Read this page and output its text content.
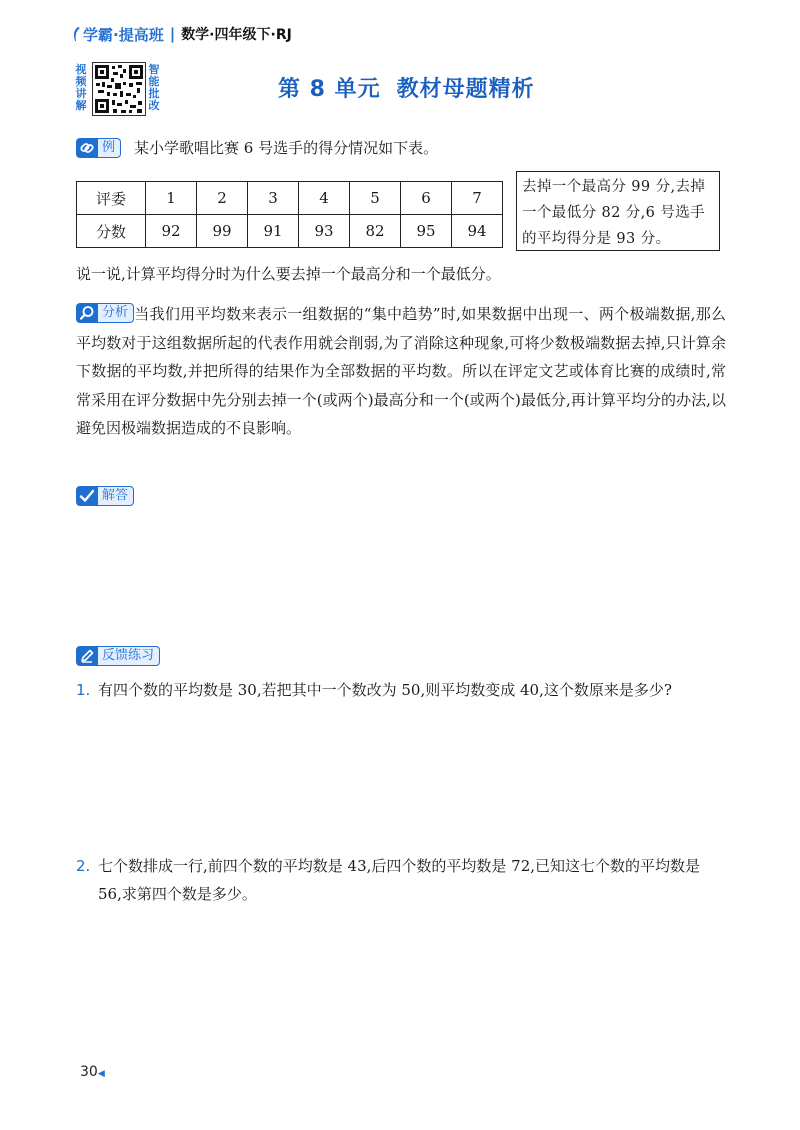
学霸·提高班 | 数学·四年级下·RJ
视频讲解
智能批改
第 8 单元 教材母题精析
例	某小学歌唱比赛 6 号选手的得分情况如下表。
评委	1	2	3	4	5	6	7
分数	92	99	91	93	82	95	94
去掉一个最高分 99 分,去掉一个最低分 82 分,6 号选手的平均得分是 93 分。
说一说,计算平均得分时为什么要去掉一个最高分和一个最低分。
分析 当我们用平均数来表示一组数据的“集中趋势”时,如果数据中出现一、两个极端数据,那么平均数对于这组数据所起的代表作用就会削弱,为了消除这种现象,可将少数极端数据去掉,只计算余下数据的平均数,并把所得的结果作为全部数据的平均数。所以在评定文艺或体育比赛的成绩时,常常采用在评分数据中先分别去掉一个(或两个)最高分和一个(或两个)最低分,再计算平均分的办法,以避免因极端数据造成的不良影响。
解答
反馈练习
1. 有四个数的平均数是 30,若把其中一个数改为 50,则平均数变成 40,这个数原来是多少?
2. 七个数排成一行,前四个数的平均数是 43,后四个数的平均数是 72,已知这七个数的平均数是 56,求第四个数是多少。
30◀
